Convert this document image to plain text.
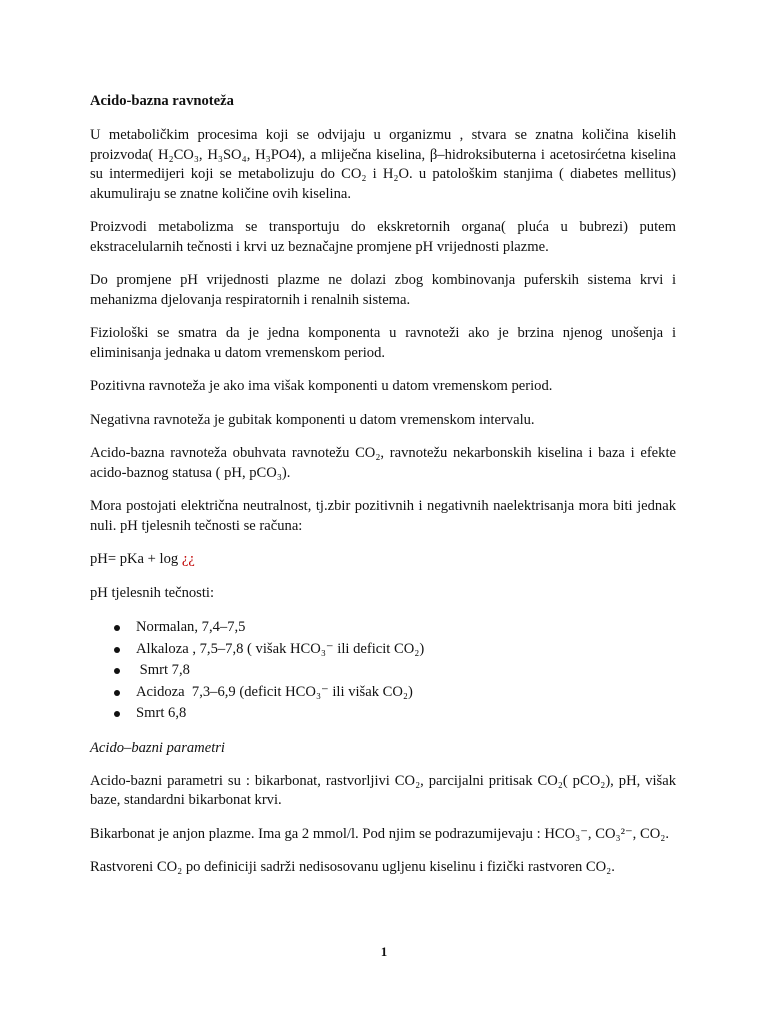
Acido-bazna ravnoteža

U metaboličkim procesima koji se odvijaju u organizmu , stvara se znatna količina kiselih proizvoda( H₂CO₃, H₃SO₄, H₃PO4), a mliječna kiselina, β–hidroksibuterna i acetosirćetna kiselina su intermedijeri koji se metabolizuju do CO₂ i H₂O. u patološkim stanjima ( diabetes mellitus) akumuliraju se znatne količine ovih kiselina.

Proizvodi metabolizma se transportuju do ekskretornih organa( pluća u bubrezi) putem ekstracelularnih tečnosti i krvi uz beznačajne promjene pH vrijednosti plazme.

Do promjene pH vrijednosti plazme ne dolazi zbog kombinovanja puferskih sistema krvi i mehanizma djelovanja respiratornih i renalnih sistema.

Fiziološki se smatra da je jedna komponenta u ravnoteži ako je brzina njenog unošenja i eliminisanja jednaka u datom vremenskom period.

Pozitivna ravnoteža je ako ima višak komponenti u datom vremenskom period.

Negativna ravnoteža je gubitak komponenti u datom vremenskom intervalu.

Acido-bazna ravnoteža obuhvata ravnotežu CO₂, ravnotežu nekarbonskih kiselina i baza i efekte acido-baznog statusa ( pH, pCO₃).

Mora postojati električna neutralnost, tj.zbir pozitivnih i negativnih naelektrisanja mora biti jednak nuli. pH tjelesnih tečnosti se računa:

pH= pKa + log ¿¿

pH tjelesnih tečnosti:

Normalan, 7,4–7,5
Alkaloza , 7,5–7,8 ( višak HCO₃⁻ ili deficit CO₂)
Smrt 7,8
Acidoza  7,3–6,9 (deficit HCO₃⁻ ili višak CO₂)
Smrt 6,8

Acido–bazni parametri

Acido-bazni parametri su : bikarbonat, rastvorljivi CO₂, parcijalni pritisak CO₂( pCO₂), pH, višak baze, standardni bikarbonat krvi.

Bikarbonat je anjon plazme. Ima ga 2 mmol/l. Pod njim se podrazumijevaju : HCO₃⁻, CO₃²⁻, CO₂.

Rastvoreni CO₂ po definiciji sadrži nedisosovanu ugljenu kiselinu i fizički rastvoren CO₂.

1
